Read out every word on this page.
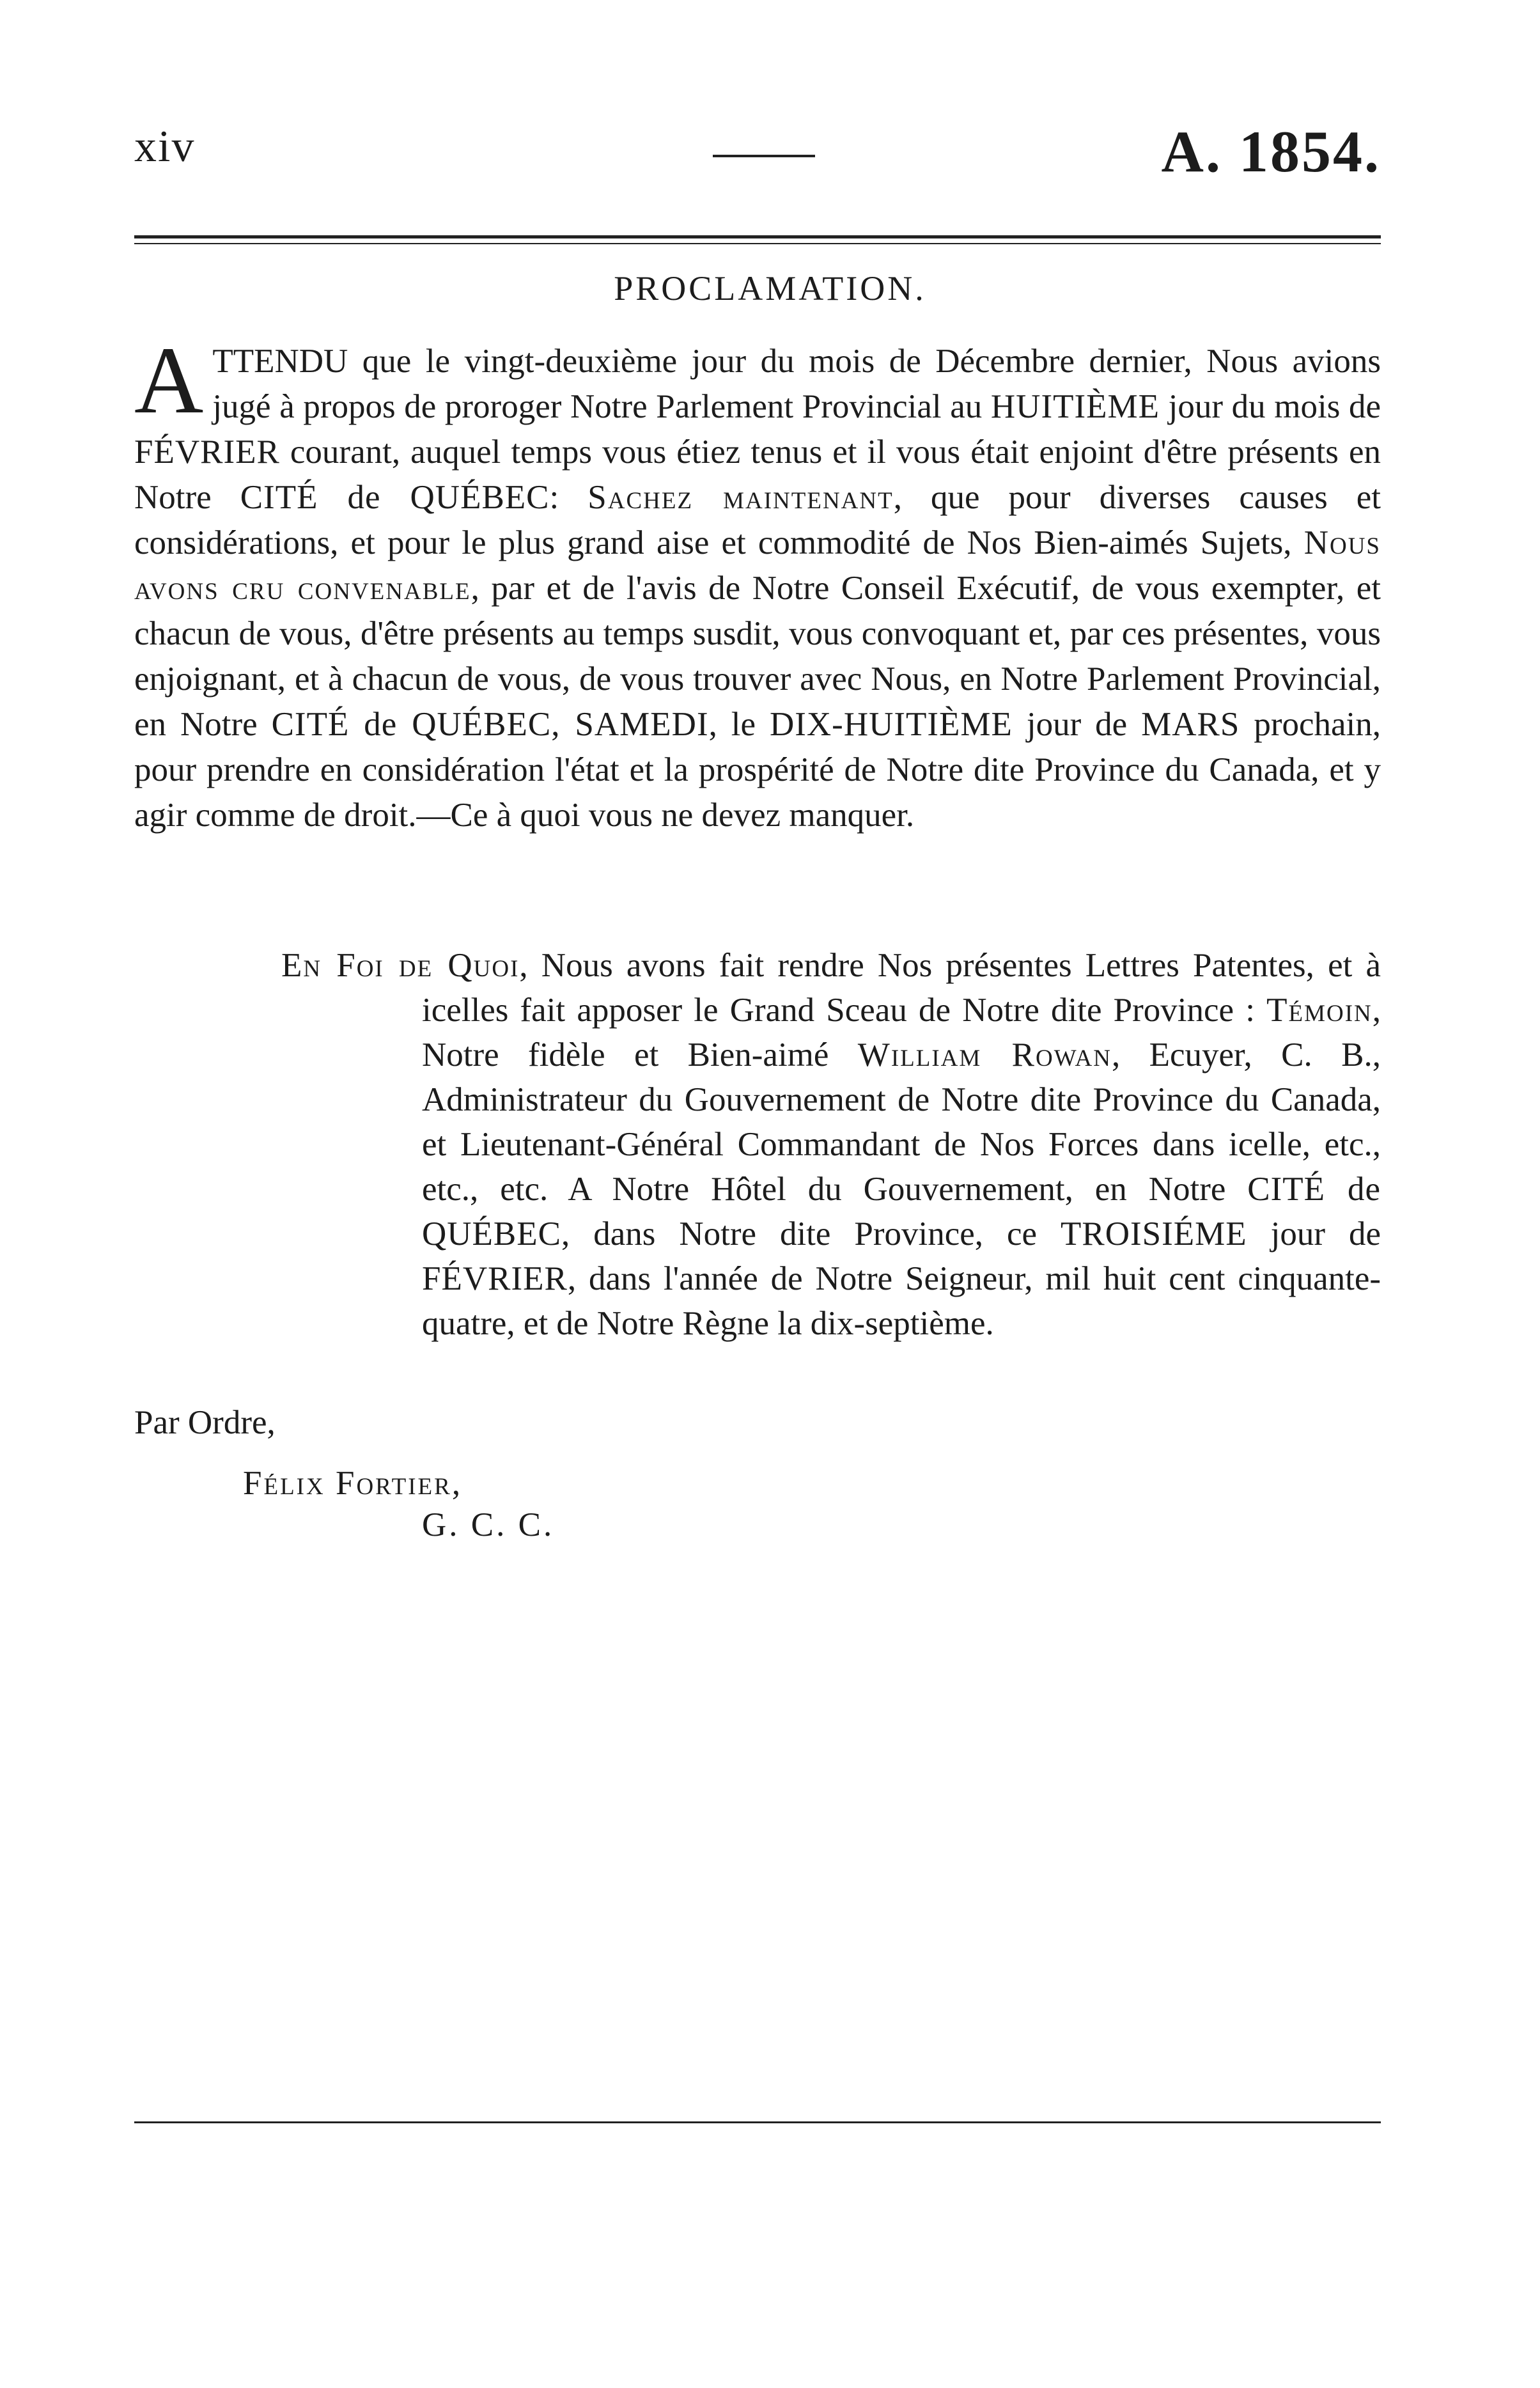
xiv	A. 1854.
PROCLAMATION.
ATTENDU que le vingt-deuxième jour du mois de Décembre dernier, Nous avions jugé à propos de proroger Notre Parlement Provincial au HUITIÈME jour du mois de FÉVRIER courant, auquel temps vous étiez tenus et il vous était enjoint d'être présents en Notre CITÉ de QUÉBEC: Sachez maintenant, que pour diverses causes et considérations, et pour le plus grand aise et commodité de Nos Bien-aimés Sujets, Nous avons cru convenable, par et de l'avis de Notre Conseil Exécutif, de vous exempter, et chacun de vous, d'être présents au temps susdit, vous convoquant et, par ces présentes, vous enjoignant, et à chacun de vous, de vous trouver avec Nous, en Notre Parlement Provincial, en Notre CITÉ de QUÉBEC, SAMEDI, le DIX-HUITIÈME jour de MARS prochain, pour prendre en considération l'état et la prospérité de Notre dite Province du Canada, et y agir comme de droit.—Ce à quoi vous ne devez manquer.
En Foi de Quoi, Nous avons fait rendre Nos présentes Lettres Patentes, et à icelles fait apposer le Grand Sceau de Notre dite Province : Témoin, Notre fidèle et Bien-aimé William Rowan, Ecuyer, C. B., Administrateur du Gouvernement de Notre dite Province du Canada, et Lieutenant-Général Commandant de Nos Forces dans icelle, etc., etc., etc. A Notre Hôtel du Gouvernement, en Notre CITÉ de QUÉBEC, dans Notre dite Province, ce TROISIÉME jour de FÉVRIER, dans l'année de Notre Seigneur, mil huit cent cinquante-quatre, et de Notre Règne la dix-septième.
Par Ordre,
Félix Fortier,
G. C. C.
